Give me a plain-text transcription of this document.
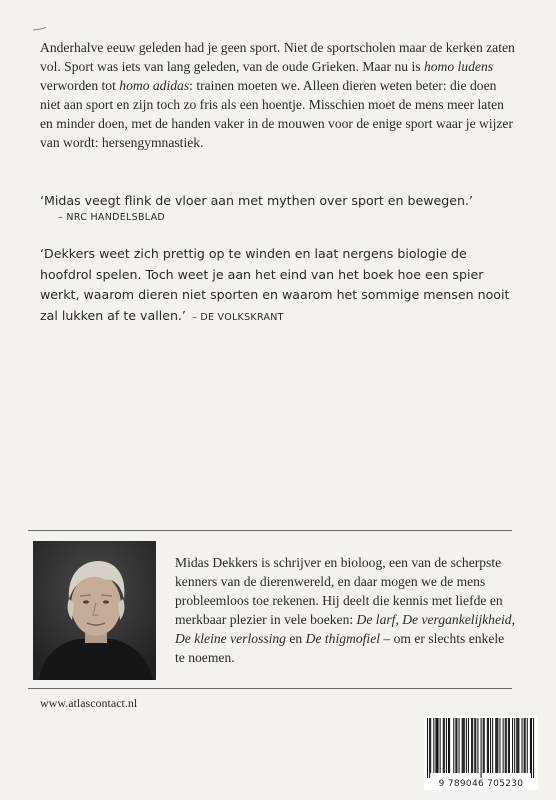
Anderhalve eeuw geleden had je geen sport. Niet de sportscholen maar de kerken zaten vol. Sport was iets van lang geleden, van de oude Grieken. Maar nu is homo ludens verworden tot homo adidas: trainen moeten we. Alleen dieren weten beter: die doen niet aan sport en zijn toch zo fris als een hoentje. Misschien moet de mens meer laten en minder doen, met de handen vaker in de mouwen voor de enige sport waar je wijzer van wordt: hersengymnastiek.

‘Midas veegt flink de vloer aan met mythen over sport en bewegen.’

– NRC HANDELSBLAD

‘Dekkers weet zich prettig op te winden en laat nergens biologie de hoofdrol spelen. Toch weet je aan het eind van het boek hoe een spier werkt, waarom dieren niet sporten en waarom het sommige mensen nooit zal lukken af te vallen.’ – DE VOLKSKRANT

Midas Dekkers is schrijver en bioloog, een van de scherpste kenners van de dierenwereld, en daar mogen we de mens probleemloos toe rekenen. Hij deelt die kennis met liefde en merkbaar plezier in vele boeken: De larf, De vergankelijkheid, De kleine verlossing en De thigmofiel – om er slechts enkele te noemen.

www.atlascontact.nl
9 789046 705230
